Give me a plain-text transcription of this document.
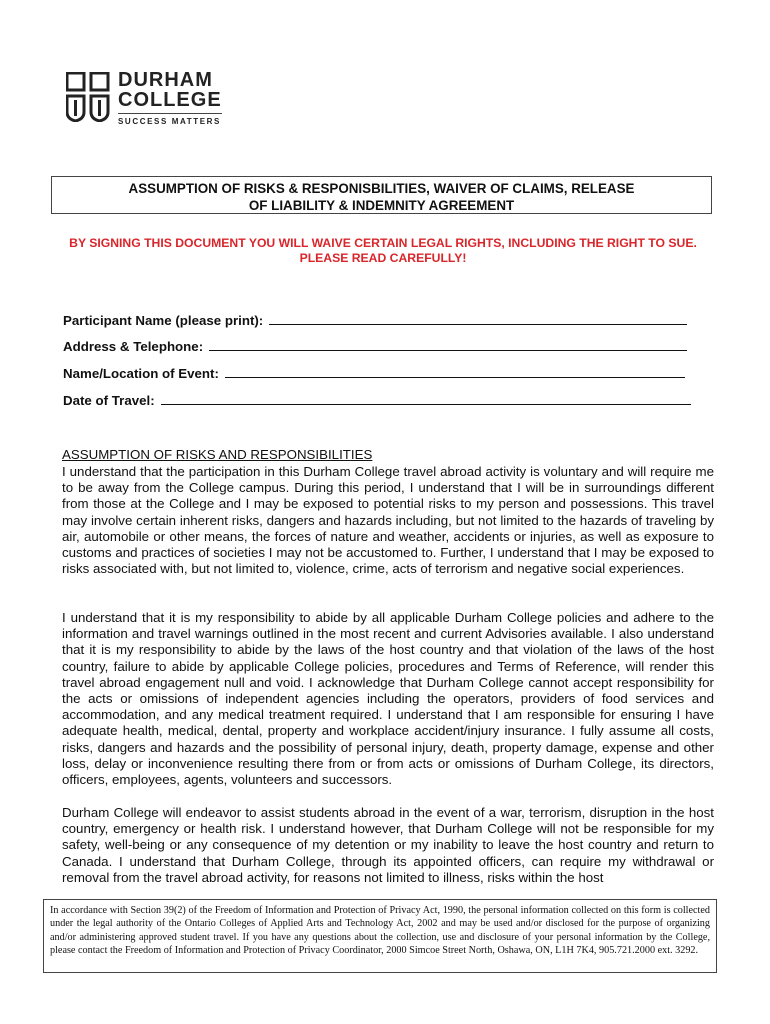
DURHAM
COLLEGE
SUCCESS MATTERS
ASSUMPTION OF RISKS & RESPONISBILITIES, WAIVER OF CLAIMS, RELEASE
OF LIABILITY & INDEMNITY AGREEMENT
BY SIGNING THIS DOCUMENT YOU WILL WAIVE CERTAIN LEGAL RIGHTS, INCLUDING THE RIGHT TO SUE. PLEASE READ CAREFULLY!
Participant Name (please print):
Address & Telephone:
Name/Location of Event:
Date of Travel:
ASSUMPTION OF RISKS AND RESPONSIBILITIES

I understand that the participation in this Durham College travel abroad activity is voluntary and will require me to be away from the College campus. During this period, I understand that I will be in surroundings different from those at the College and I may be exposed to potential risks to my person and possessions. This travel may involve certain inherent risks, dangers and hazards including, but not limited to the hazards of traveling by air, automobile or other means, the forces of nature and weather, accidents or injuries, as well as exposure to customs and practices of societies I may not be accustomed to. Further, I understand that I may be exposed to risks associated with, but not limited to, violence, crime, acts of terrorism and negative social experiences.

I understand that it is my responsibility to abide by all applicable Durham College policies and adhere to the information and travel warnings outlined in the most recent and current Advisories available. I also understand that it is my responsibility to abide by the laws of the host country and that violation of the laws of the host country, failure to abide by applicable College policies, procedures and Terms of Reference, will render this travel abroad engagement null and void. I acknowledge that Durham College cannot accept responsibility for the acts or omissions of independent agencies including the operators, providers of food services and accommodation, and any medical treatment required. I understand that I am responsible for ensuring I have adequate health, medical, dental, property and workplace accident/injury insurance. I fully assume all costs, risks, dangers and hazards and the possibility of personal injury, death, property damage, expense and other loss, delay or inconvenience resulting there from or from acts or omissions of Durham College, its directors, officers, employees, agents, volunteers and successors.

Durham College will endeavor to assist students abroad in the event of a war, terrorism, disruption in the host country, emergency or health risk. I understand however, that Durham College will not be responsible for my safety, well-being or any consequence of my detention or my inability to leave the host country and return to Canada. I understand that Durham College, through its appointed officers, can require my withdrawal or removal from the travel abroad activity, for reasons not limited to illness, risks within the host

In accordance with Section 39(2) of the Freedom of Information and Protection of Privacy Act, 1990, the personal information collected on this form is collected under the legal authority of the Ontario Colleges of Applied Arts and Technology Act, 2002 and may be used and/or disclosed for the purpose of organizing and/or administering approved student travel. If you have any questions about the collection, use and disclosure of your personal information by the College, please contact the Freedom of Information and Protection of Privacy Coordinator, 2000 Simcoe Street North, Oshawa, ON, L1H 7K4, 905.721.2000 ext. 3292.
